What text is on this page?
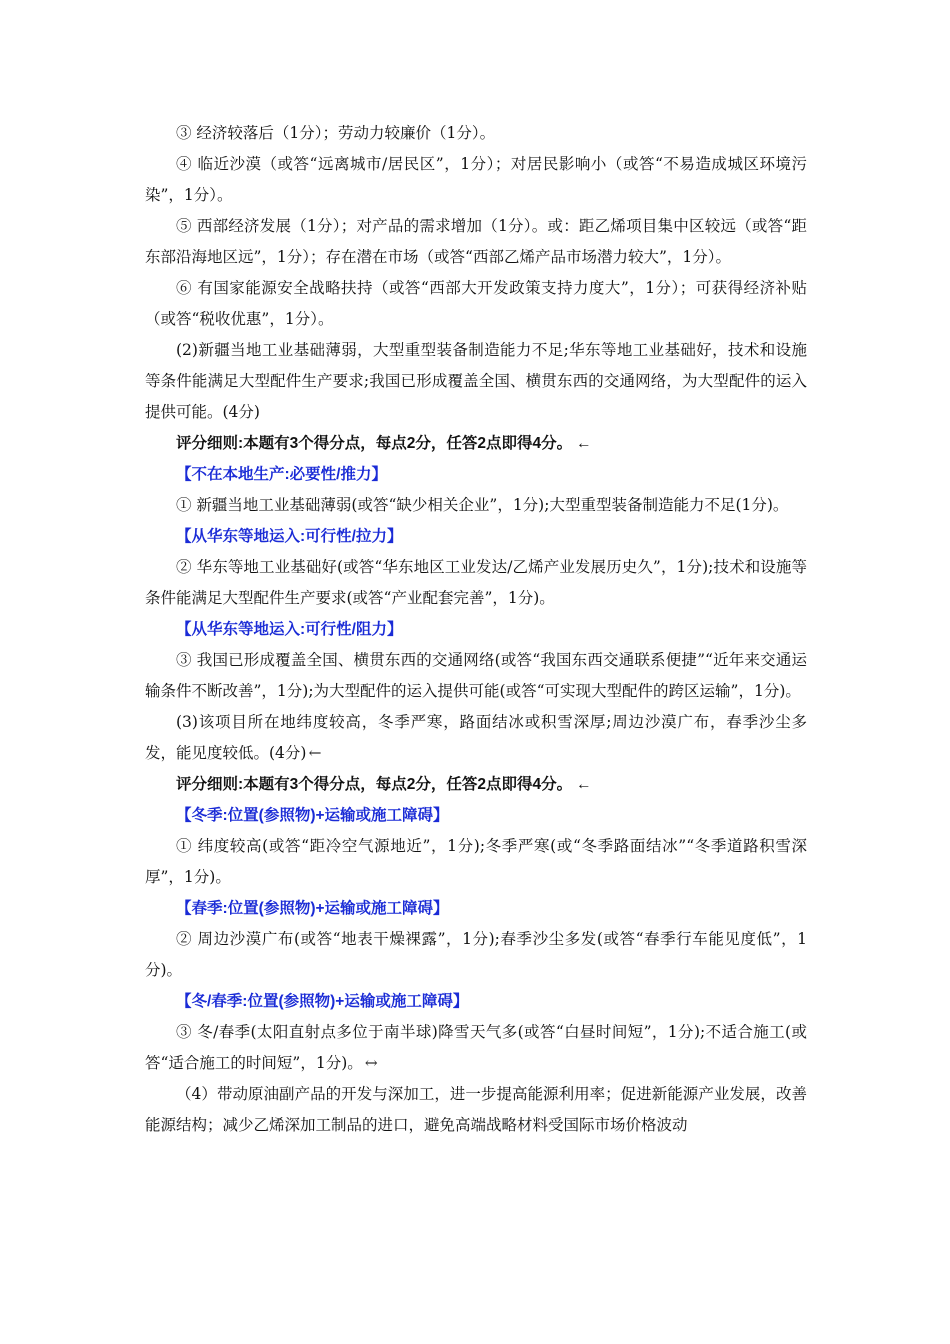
③ 经济较落后（1分）；劳动力较廉价（1分）。

④ 临近沙漠（或答“远离城市/居民区”，1分）；对居民影响小（或答“不易造成城区环境污染”，1分）。

⑤ 西部经济发展（1分）；对产品的需求增加（1分）。或：距乙烯项目集中区较远（或答“距东部沿海地区远”，1分）；存在潜在市场（或答“西部乙烯产品市场潜力较大”，1分）。

⑥ 有国家能源安全战略扶持（或答“西部大开发政策支持力度大”，1分）；可获得经济补贴（或答“税收优惠”，1分）。

(2)新疆当地工业基础薄弱，大型重型装备制造能力不足;华东等地工业基础好，技术和设施等条件能满足大型配件生产要求;我国已形成覆盖全国、横贯东西的交通网络，为大型配件的运入提供可能。(4分)

评分细则:本题有3个得分点，每点2分，任答2点即得4分。 ←

【不在本地生产:必要性/推力】

① 新疆当地工业基础薄弱(或答“缺少相关企业”，1分);大型重型装备制造能力不足(1分)。

【从华东等地运入:可行性/拉力】

② 华东等地工业基础好(或答“华东地区工业发达/乙烯产业发展历史久”，1分);技术和设施等条件能满足大型配件生产要求(或答“产业配套完善”，1分)。

【从华东等地运入:可行性/阻力】

③ 我国已形成覆盖全国、横贯东西的交通网络(或答“我国东西交通联系便捷”“近年来交通运输条件不断改善”，1分);为大型配件的运入提供可能(或答“可实现大型配件的跨区运输”，1分)。

(3)该项目所在地纬度较高，冬季严寒，路面结冰或积雪深厚;周边沙漠广布，春季沙尘多发，能见度较低。(4分) ←

评分细则:本题有3个得分点，每点2分，任答2点即得4分。 ←

【冬季:位置(参照物)+运输或施工障碍】

① 纬度较高(或答“距冷空气源地近”，1分);冬季严寒(或“冬季路面结冰”“冬季道路积雪深厚”，1分)。

【春季:位置(参照物)+运输或施工障碍】

② 周边沙漠广布(或答“地表干燥裸露”，1分);春季沙尘多发(或答“春季行车能见度低”，1分)。

【冬/春季:位置(参照物)+运输或施工障碍】

③ 冬/春季(太阳直射点多位于南半球)降雪天气多(或答“白昼时间短”，1分);不适合施工(或答“适合施工的时间短”，1分)。 ↔

（4）带动原油副产品的开发与深加工，进一步提高能源利用率；促进新能源产业发展，改善能源结构；减少乙烯深加工制品的进口，避免高端战略材料受国际市场价格波动
